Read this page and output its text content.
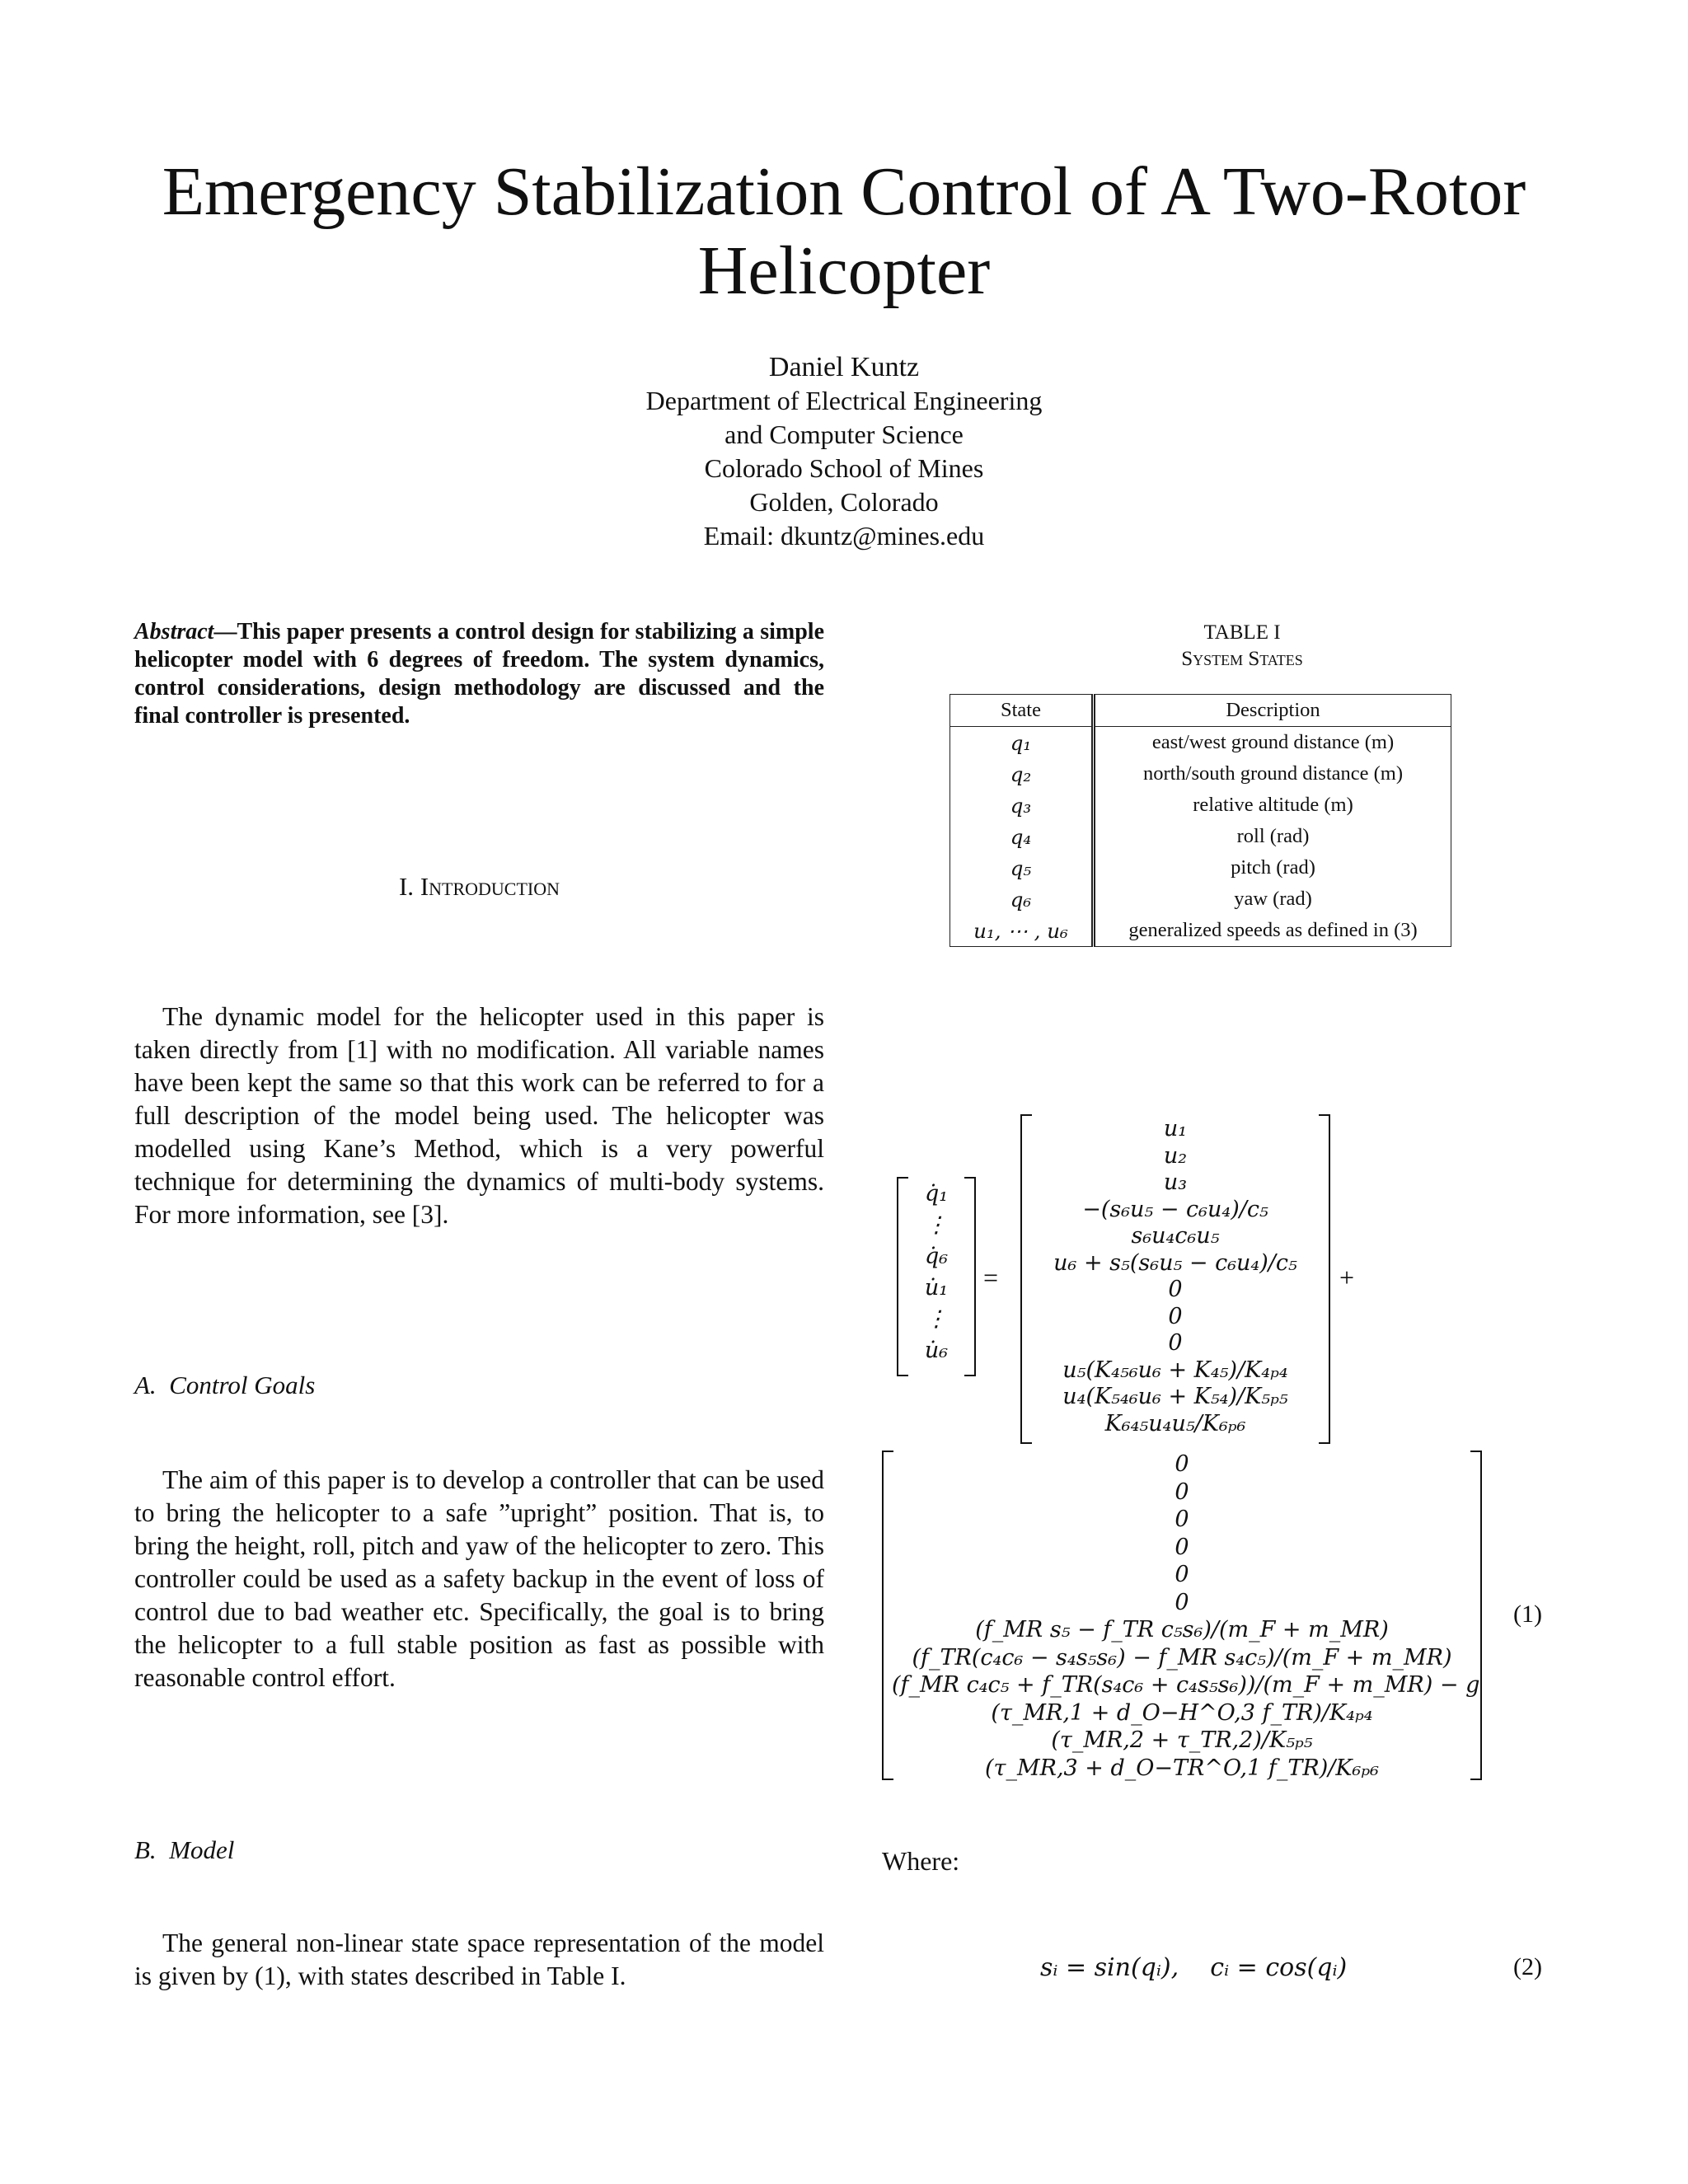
Emergency Stabilization Control of A Two-Rotor
Helicopter
Daniel Kuntz
Department of Electrical Engineering
and Computer Science
Colorado School of Mines
Golden, Colorado
Email: dkuntz@mines.edu
Abstract—This paper presents a control design for stabilizing a simple helicopter model with 6 degrees of freedom. The system dynamics, control considerations, design methodology are discussed and the final controller is presented.
I. Introduction
The dynamic model for the helicopter used in this paper is taken directly from [1] with no modification. All variable names have been kept the same so that this work can be referred to for a full description of the model being used. The helicopter was modelled using Kane’s Method, which is a very powerful technique for determining the dynamics of multi-body systems. For more information, see [3].
A. Control Goals
The aim of this paper is to develop a controller that can be used to bring the helicopter to a safe ”upright” position. That is, to bring the height, roll, pitch and yaw of the helicopter to zero. This controller could be used as a safety backup in the event of loss of control due to bad weather etc. Specifically, the goal is to bring the helicopter to a full stable position as fast as possible with reasonable control effort.
B. Model
The general non-linear state space representation of the model is given by (1), with states described in Table I.
TABLE I
System States
State	Description
q₁	east/west ground distance (m)
q₂	north/south ground distance (m)
q₃	relative altitude (m)
q₄	roll (rad)
q₅	pitch (rad)
q₆	yaw (rad)
u₁, ⋯ , u₆	generalized speeds as defined in (3)
q̇₁
⋮
q̇₆
u̇₁
⋮
u̇₆
=
u₁
u₂
u₃
−(s₆u₅ − c₆u₄)/c₅
s₆u₄c₆u₅
u₆ + s₅(s₆u₅ − c₆u₄)/c₅
0
0
0
u₅(K₄₅₆u₆ + K₄₅)/K₄ₚ₄
u₄(K₅₄₆u₆ + K₅₄)/K₅ₚ₅
K₆₄₅u₄u₅/K₆ₚ₆
+
0
0
0
0
0
0
(f_MR s₅ − f_TR c₅s₆)/(m_F + m_MR)
(f_TR(c₄c₆ − s₄s₅s₆) − f_MR s₄c₅)/(m_F + m_MR)
(f_MR c₄c₅ + f_TR(s₄c₆ + c₄s₅s₆))/(m_F + m_MR) − g
(τ_MR,1 + d_O−H^O,3 f_TR)/K₄ₚ₄
(τ_MR,2 + τ_TR,2)/K₅ₚ₅
(τ_MR,3 + d_O−TR^O,1 f_TR)/K₆ₚ₆
(1)
Where:
sᵢ = sin(qᵢ),    cᵢ = cos(qᵢ)	(2)
